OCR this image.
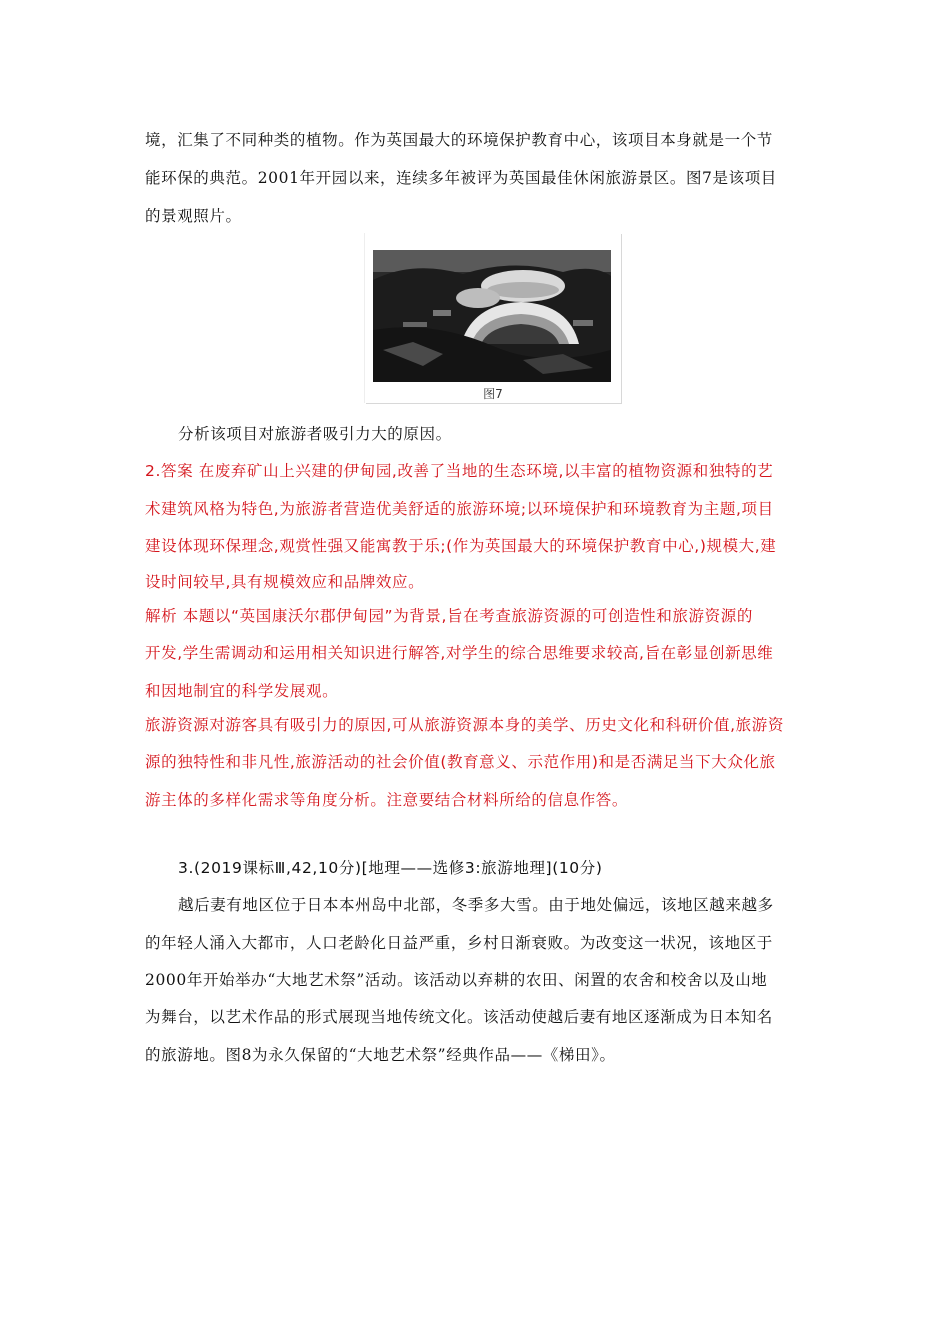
境，汇集了不同种类的植物。作为英国最大的环境保护教育中心，该项目本身就是一个节
能环保的典范。2001年开园以来，连续多年被评为英国最佳休闲旅游景区。图7是该项目
的景观照片。
图7
分析该项目对旅游者吸引力大的原因。
2.答案 在废弃矿山上兴建的伊甸园,改善了当地的生态环境,以丰富的植物资源和独特的艺
术建筑风格为特色,为旅游者营造优美舒适的旅游环境;以环境保护和环境教育为主题,项目
建设体现环保理念,观赏性强又能寓教于乐;(作为英国最大的环境保护教育中心,)规模大,建
设时间较早,具有规模效应和品牌效应。
解析 本题以“英国康沃尔郡伊甸园”为背景,旨在考查旅游资源的可创造性和旅游资源的
开发,学生需调动和运用相关知识进行解答,对学生的综合思维要求较高,旨在彰显创新思维
和因地制宜的科学发展观。
旅游资源对游客具有吸引力的原因,可从旅游资源本身的美学、历史文化和科研价值,旅游资
源的独特性和非凡性,旅游活动的社会价值(教育意义、示范作用)和是否满足当下大众化旅
游主体的多样化需求等角度分析。注意要结合材料所给的信息作答。
3.(2019课标Ⅲ,42,10分)[地理——选修3:旅游地理](10分)
越后妻有地区位于日本本州岛中北部，冬季多大雪。由于地处偏远，该地区越来越多
的年轻人涌入大都市，人口老龄化日益严重，乡村日渐衰败。为改变这一状况，该地区于
2000年开始举办“大地艺术祭”活动。该活动以弃耕的农田、闲置的农舍和校舍以及山地
为舞台，以艺术作品的形式展现当地传统文化。该活动使越后妻有地区逐渐成为日本知名
的旅游地。图8为永久保留的“大地艺术祭”经典作品——《梯田》。
